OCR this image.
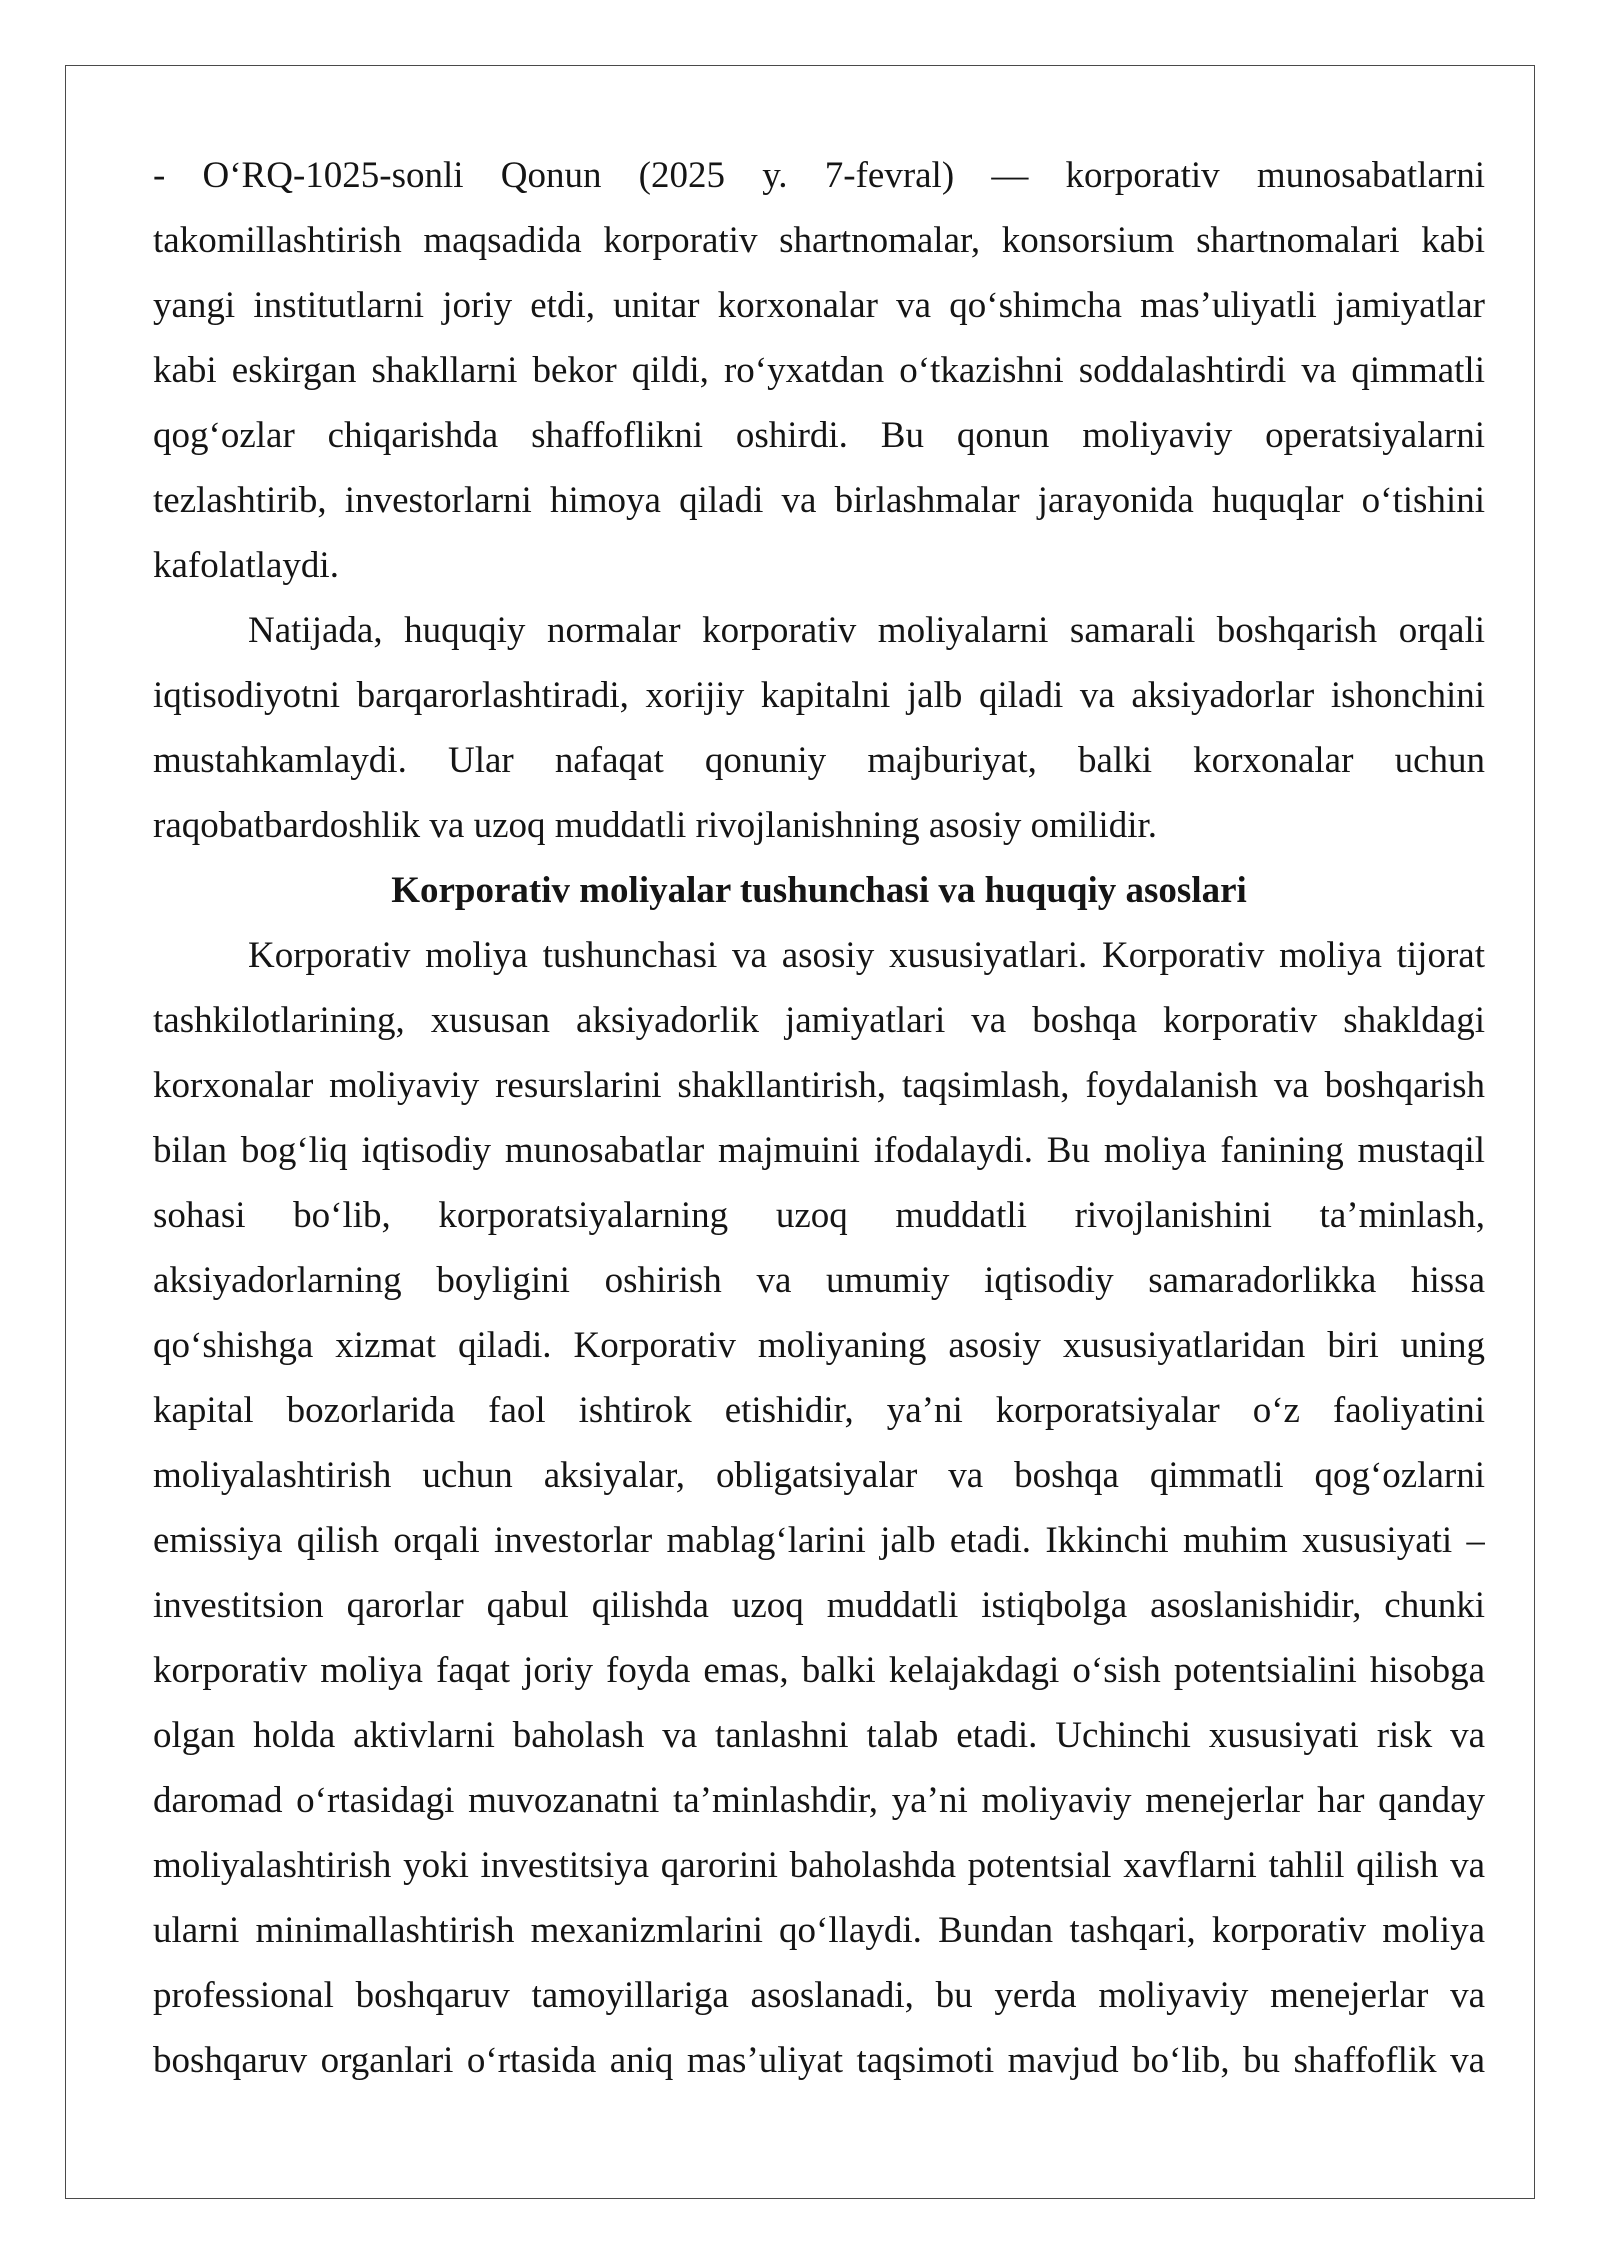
- O‘RQ-1025-sonli Qonun (2025 y. 7-fevral) — korporativ munosabatlarni
takomillashtirish maqsadida korporativ shartnomalar, konsorsium shartnomalari kabi
yangi institutlarni joriy etdi, unitar korxonalar va qo‘shimcha mas’uliyatli jamiyatlar
kabi eskirgan shakllarni bekor qildi, ro‘yxatdan o‘tkazishni soddalashtirdi va qimmatli
qog‘ozlar chiqarishda shaffoflikni oshirdi. Bu qonun moliyaviy operatsiyalarni
tezlashtirib, investorlarni himoya qiladi va birlashmalar jarayonida huquqlar o‘tishini
kafolatlaydi.
Natijada, huquqiy normalar korporativ moliyalarni samarali boshqarish orqali
iqtisodiyotni barqarorlashtiradi, xorijiy kapitalni jalb qiladi va aksiyadorlar ishonchini
mustahkamlaydi. Ular nafaqat qonuniy majburiyat, balki korxonalar uchun
raqobatbardoshlik va uzoq muddatli rivojlanishning asosiy omilidir.
Korporativ moliyalar tushunchasi va huquqiy asoslari
Korporativ moliya tushunchasi va asosiy xususiyatlari. Korporativ moliya tijorat
tashkilotlarining, xususan aksiyadorlik jamiyatlari va boshqa korporativ shakldagi
korxonalar moliyaviy resurslarini shakllantirish, taqsimlash, foydalanish va boshqarish
bilan bog‘liq iqtisodiy munosabatlar majmuini ifodalaydi. Bu moliya fanining mustaqil
sohasi bo‘lib, korporatsiyalarning uzoq muddatli rivojlanishini ta’minlash,
aksiyadorlarning boyligini oshirish va umumiy iqtisodiy samaradorlikka hissa
qo‘shishga xizmat qiladi. Korporativ moliyaning asosiy xususiyatlaridan biri uning
kapital bozorlarida faol ishtirok etishidir, ya’ni korporatsiyalar o‘z faoliyatini
moliyalashtirish uchun aksiyalar, obligatsiyalar va boshqa qimmatli qog‘ozlarni
emissiya qilish orqali investorlar mablag‘larini jalb etadi. Ikkinchi muhim xususiyati –
investitsion qarorlar qabul qilishda uzoq muddatli istiqbolga asoslanishidir, chunki
korporativ moliya faqat joriy foyda emas, balki kelajakdagi o‘sish potentsialini hisobga
olgan holda aktivlarni baholash va tanlashni talab etadi. Uchinchi xususiyati risk va
daromad o‘rtasidagi muvozanatni ta’minlashdir, ya’ni moliyaviy menejerlar har qanday
moliyalashtirish yoki investitsiya qarorini baholashda potentsial xavflarni tahlil qilish va
ularni minimallashtirish mexanizmlarini qo‘llaydi. Bundan tashqari, korporativ moliya
professional boshqaruv tamoyillariga asoslanadi, bu yerda moliyaviy menejerlar va
boshqaruv organlari o‘rtasida aniq mas’uliyat taqsimoti mavjud bo‘lib, bu shaffoflik va
